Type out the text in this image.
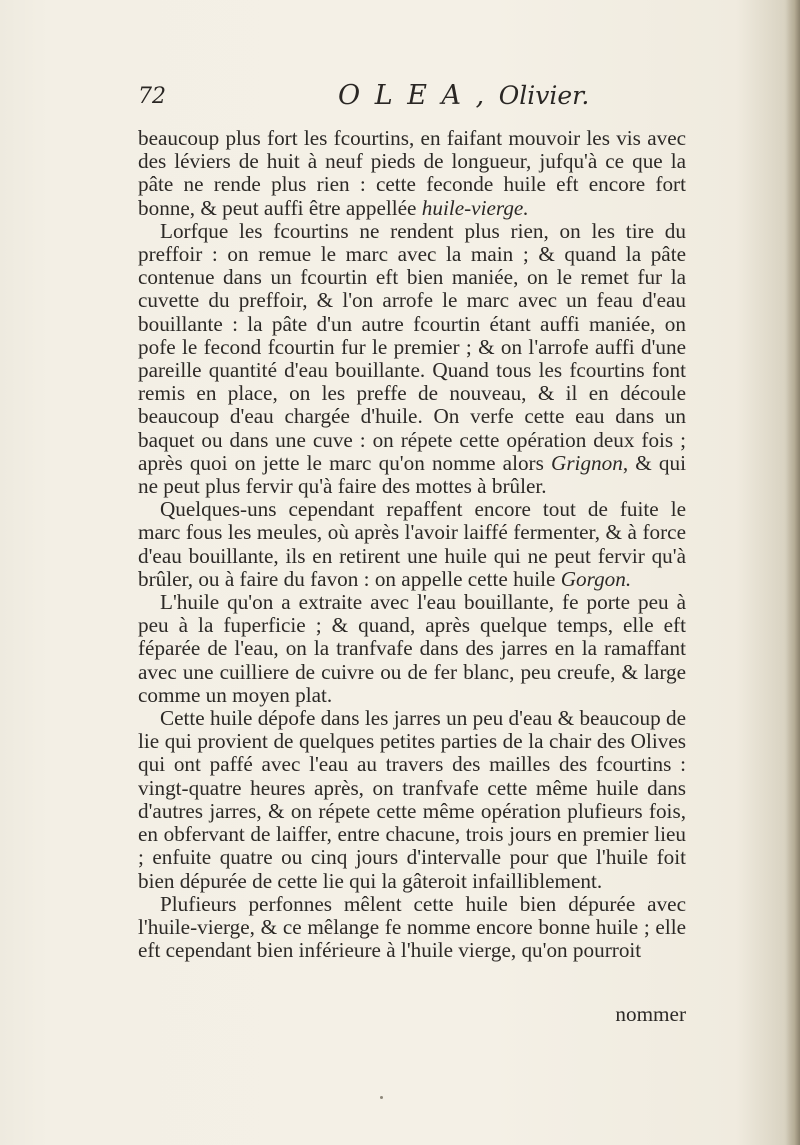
72	O L E A , Olivier.

beaucoup plus fort les fcourtins, en faifant mouvoir les vis avec des léviers de huit à neuf pieds de longueur, jufqu'à ce que la pâte ne rende plus rien : cette feconde huile eft encore fort bonne, & peut auffi être appellée huile-vierge.

Lorfque les fcourtins ne rendent plus rien, on les tire du preffoir : on remue le marc avec la main ; & quand la pâte contenue dans un fcourtin eft bien maniée, on le remet fur la cuvette du preffoir, & l'on arrofe le marc avec un feau d'eau bouillante : la pâte d'un autre fcourtin étant auffi maniée, on pofe le fecond fcourtin fur le premier ; & on l'arrofe auffi d'une pareille quantité d'eau bouillante. Quand tous les fcourtins font remis en place, on les preffe de nouveau, & il en découle beaucoup d'eau chargée d'huile. On verfe cette eau dans un baquet ou dans une cuve : on répete cette opération deux fois ; après quoi on jette le marc qu'on nomme alors Grignon, & qui ne peut plus fervir qu'à faire des mottes à brûler.

Quelques-uns cependant repaffent encore tout de fuite le marc fous les meules, où après l'avoir laiffé fermenter, & à force d'eau bouillante, ils en retirent une huile qui ne peut fervir qu'à brûler, ou à faire du favon : on appelle cette huile Gorgon.

L'huile qu'on a extraite avec l'eau bouillante, fe porte peu à peu à la fuperficie ; & quand, après quelque temps, elle eft féparée de l'eau, on la tranfvafe dans des jarres en la ramaffant avec une cuilliere de cuivre ou de fer blanc, peu creufe, & large comme un moyen plat.

Cette huile dépofe dans les jarres un peu d'eau & beaucoup de lie qui provient de quelques petites parties de la chair des Olives qui ont paffé avec l'eau au travers des mailles des fcourtins : vingt-quatre heures après, on tranfvafe cette même huile dans d'autres jarres, & on répete cette même opération plufieurs fois, en obfervant de laiffer, entre chacune, trois jours en premier lieu ; enfuite quatre ou cinq jours d'intervalle pour que l'huile foit bien dépurée de cette lie qui la gâteroit infailliblement.

Plufieurs perfonnes mêlent cette huile bien dépurée avec l'huile-vierge, & ce mêlange fe nomme encore bonne huile ; elle eft cependant bien inférieure à l'huile vierge, qu'on pourroit

nommer
